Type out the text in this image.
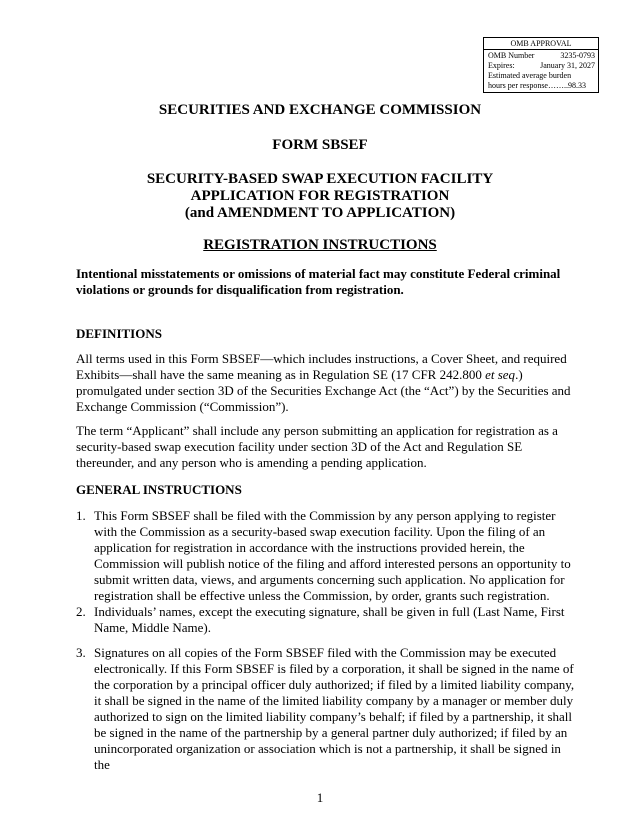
OMB APPROVAL
OMB Number	3235-0793
Expires:	January 31, 2027
Estimated average burden
hours per response……..98.33
SECURITIES AND EXCHANGE COMMISSION
FORM SBSEF
SECURITY-BASED SWAP EXECUTION FACILITY
APPLICATION FOR REGISTRATION
(and AMENDMENT TO APPLICATION)
REGISTRATION INSTRUCTIONS
Intentional misstatements or omissions of material fact may constitute Federal criminal violations or grounds for disqualification from registration.
DEFINITIONS
All terms used in this Form SBSEF—which includes instructions, a Cover Sheet, and required Exhibits—shall have the same meaning as in Regulation SE (17 CFR 242.800 et seq.) promulgated under section 3D of the Securities Exchange Act (the “Act”) by the Securities and Exchange Commission (“Commission”).
The term “Applicant” shall include any person submitting an application for registration as a security-based swap execution facility under section 3D of the Act and Regulation SE thereunder, and any person who is amending a pending application.
GENERAL INSTRUCTIONS
1. This Form SBSEF shall be filed with the Commission by any person applying to register with the Commission as a security-based swap execution facility. Upon the filing of an application for registration in accordance with the instructions provided herein, the Commission will publish notice of the filing and afford interested persons an opportunity to submit written data, views, and arguments concerning such application. No application for registration shall be effective unless the Commission, by order, grants such registration.
2. Individuals’ names, except the executing signature, shall be given in full (Last Name, First Name, Middle Name).
3. Signatures on all copies of the Form SBSEF filed with the Commission may be executed electronically. If this Form SBSEF is filed by a corporation, it shall be signed in the name of the corporation by a principal officer duly authorized; if filed by a limited liability company, it shall be signed in the name of the limited liability company by a manager or member duly authorized to sign on the limited liability company’s behalf; if filed by a partnership, it shall be signed in the name of the partnership by a general partner duly authorized; if filed by an unincorporated organization or association which is not a partnership, it shall be signed in the
1
